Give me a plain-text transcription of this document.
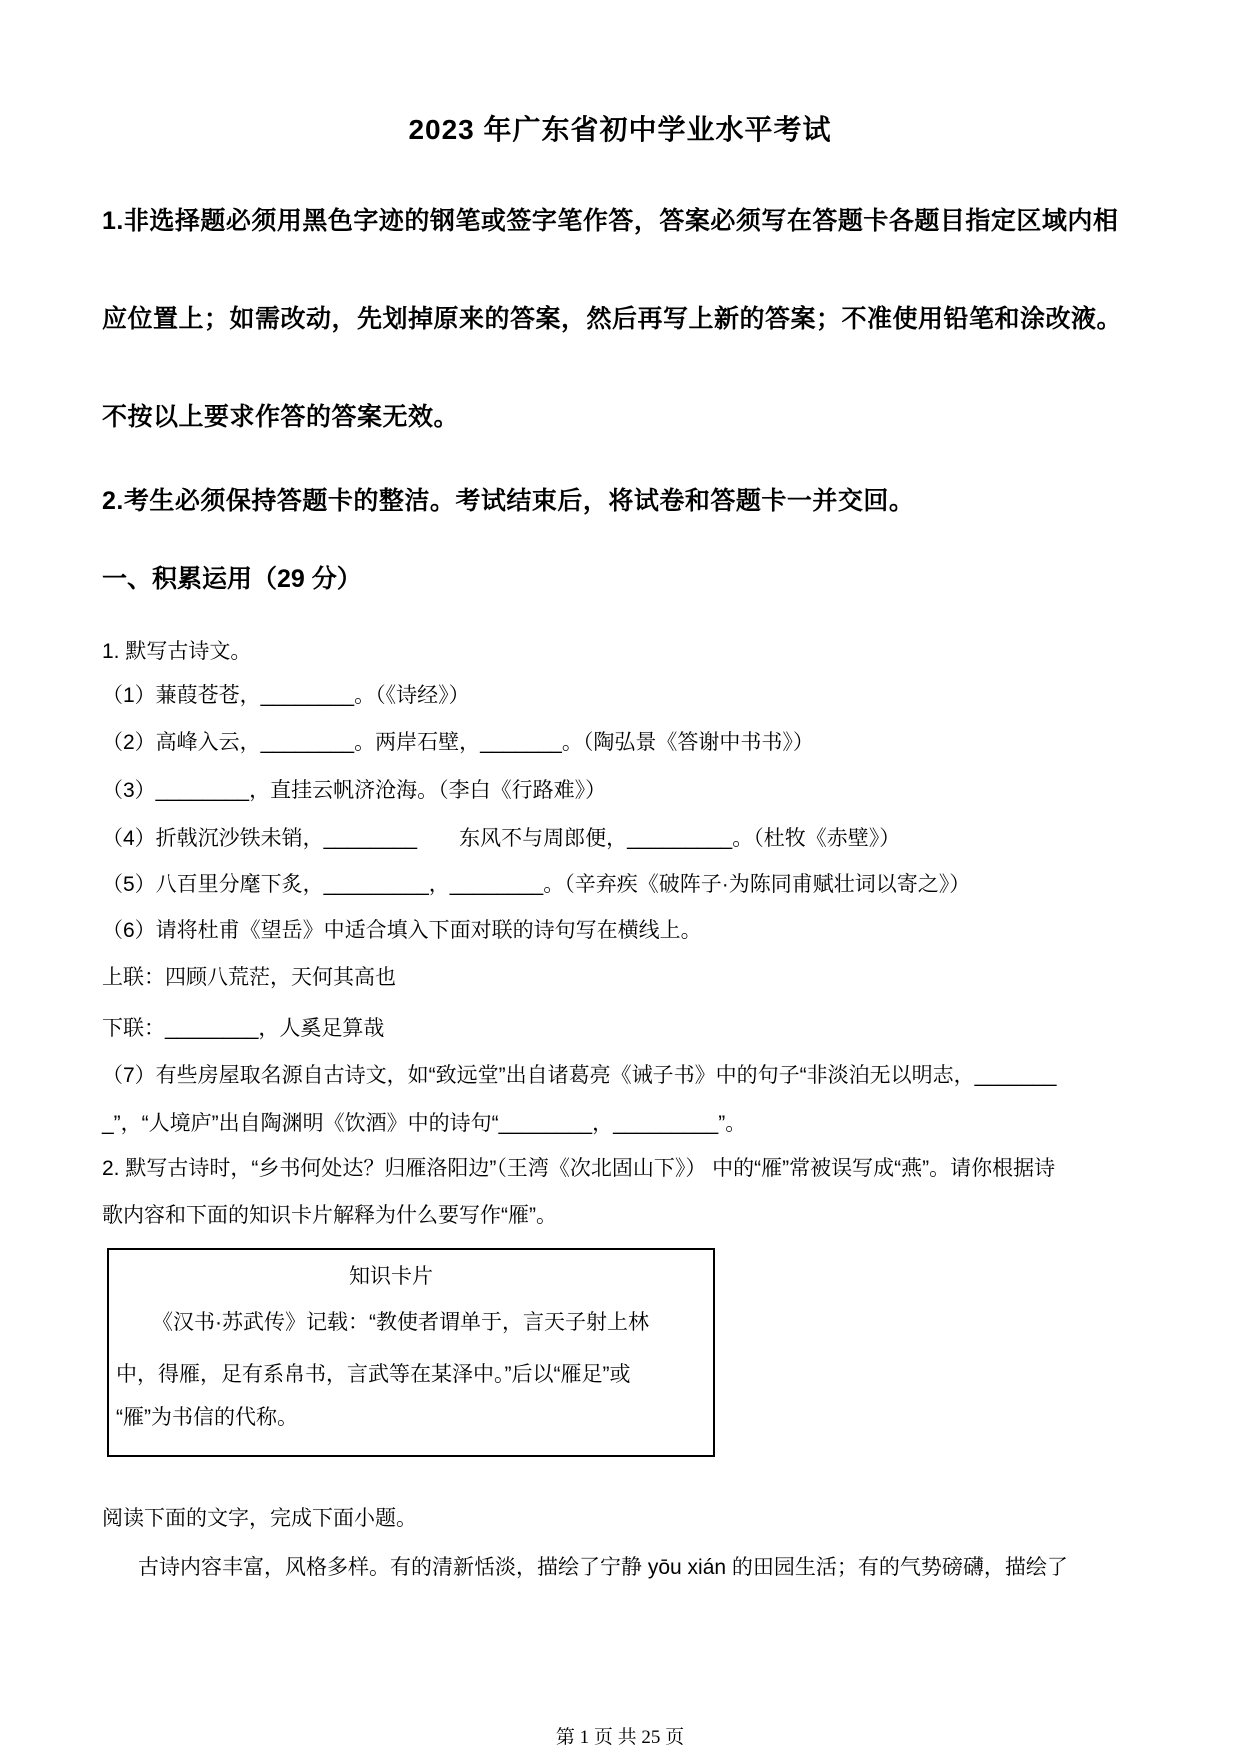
2023 年广东省初中学业水平考试
1.非选择题必须用黑色字迹的钢笔或签字笔作答，答案必须写在答题卡各题目指定区域内相
应位置上；如需改动，先划掉原来的答案，然后再写上新的答案；不准使用铅笔和涂改液。
不按以上要求作答的答案无效。
2.考生必须保持答题卡的整洁。考试结束后，将试卷和答题卡一并交回。
一、积累运用（29 分）
1. 默写古诗文。
（1）蒹葭苍苍，________。（《诗经》）
（2）高峰入云，________。两岸石壁，_______。（陶弘景《答谢中书书》）
（3）________，直挂云帆济沧海。（李白《行路难》）
（4）折戟沉沙铁未销，________　　东风不与周郎便，_________。（杜牧《赤壁》）
（5）八百里分麾下炙，_________，________。（辛弃疾《破阵子·为陈同甫赋壮词以寄之》）
（6）请将杜甫《望岳》中适合填入下面对联的诗句写在横线上。
上联：四顾八荒茫，天何其高也
下联：________，人奚足算哉
（7）有些房屋取名源自古诗文，如“致远堂”出自诸葛亮《诫子书》中的句子“非淡泊无以明志，_______
_”，“人境庐”出自陶渊明《饮酒》中的诗句“________，_________”。
2. 默写古诗时，“乡书何处达？归雁洛阳边”（王湾《次北固山下》） 中的“雁”常被误写成“燕”。请你根据诗
歌内容和下面的知识卡片解释为什么要写作“雁”。
知识卡片
《汉书·苏武传》记载：“教使者谓单于，言天子射上林
中，得雁，足有系帛书，言武等在某泽中。”后以“雁足”或
“雁”为书信的代称。
阅读下面的文字，完成下面小题。
古诗内容丰富，风格多样。有的清新恬淡，描绘了宁静 yōu xián 的田园生活；有的气势磅礴，描绘了
第 1 页 共 25 页
